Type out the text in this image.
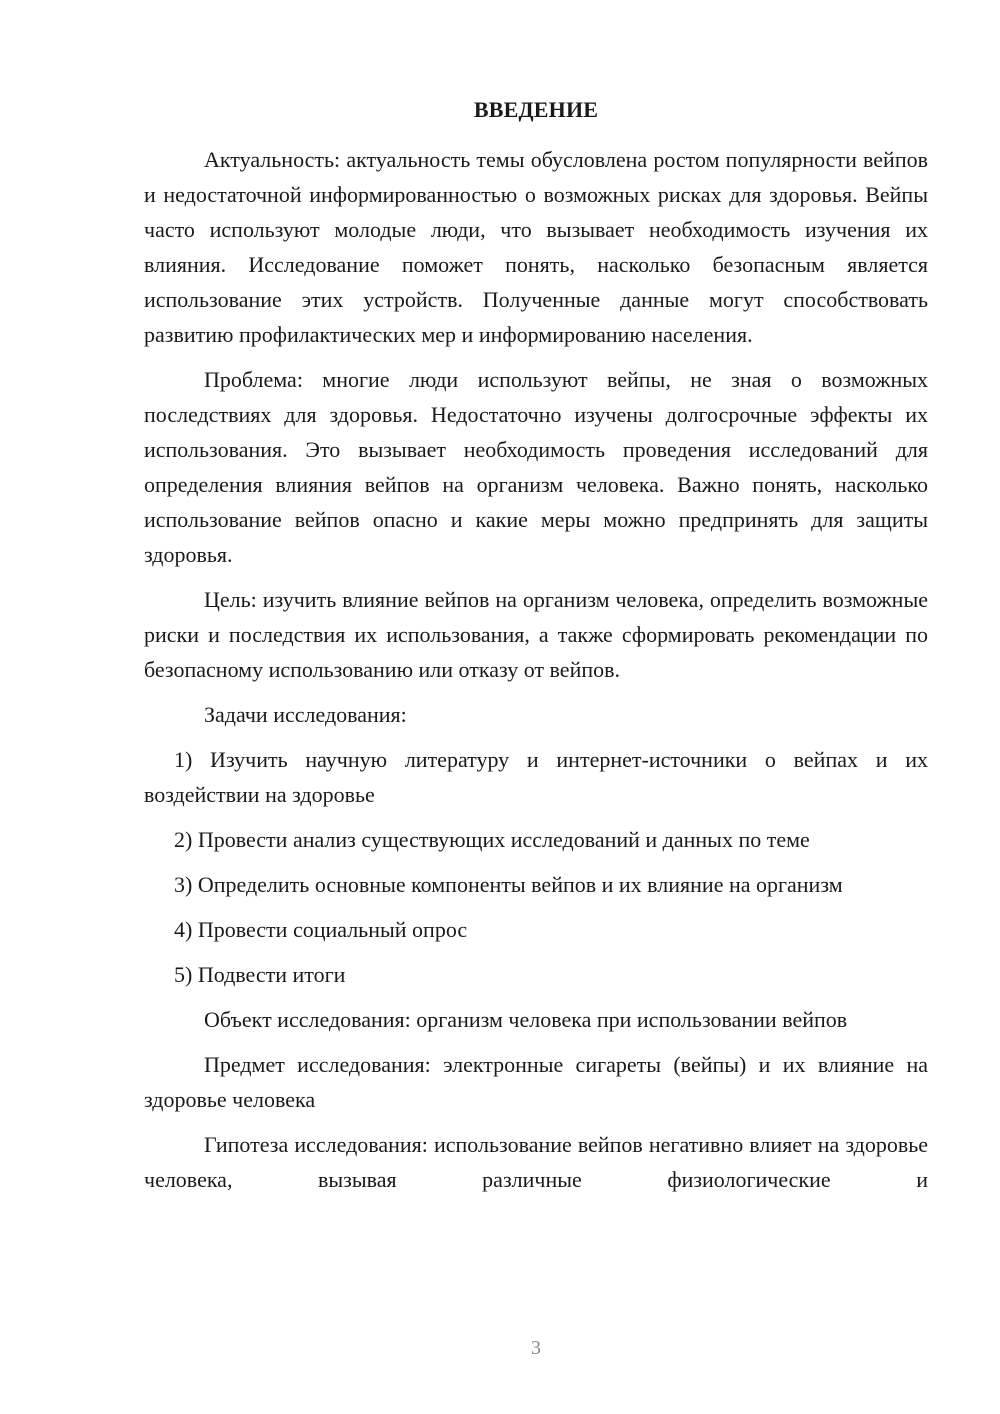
ВВЕДЕНИЕ

Актуальность: актуальность темы обусловлена ростом популярности вейпов и недостаточной информированностью о возможных рисках для здоровья. Вейпы часто используют молодые люди, что вызывает необходимость изучения их влияния. Исследование поможет понять, насколько безопасным является использование этих устройств. Полученные данные могут способствовать развитию профилактических мер и информированию населения.

Проблема: многие люди используют вейпы, не зная о возможных последствиях для здоровья. Недостаточно изучены долгосрочные эффекты их использования. Это вызывает необходимость проведения исследований для определения влияния вейпов на организм человека. Важно понять, насколько использование вейпов опасно и какие меры можно предпринять для защиты здоровья.

Цель: изучить влияние вейпов на организм человека, определить возможные риски и последствия их использования, а также сформировать рекомендации по безопасному использованию или отказу от вейпов.

Задачи исследования:

1) Изучить научную литературу и интернет-источники о вейпах и их воздействии на здоровье

2) Провести анализ существующих исследований и данных по теме

3) Определить основные компоненты вейпов и их влияние на организм

4) Провести социальный опрос

5) Подвести итоги

Объект исследования: организм человека при использовании вейпов

Предмет исследования: электронные сигареты (вейпы) и их влияние на здоровье человека

Гипотеза исследования: использование вейпов негативно влияет на здоровье человека, вызывая различные физиологические и

3
